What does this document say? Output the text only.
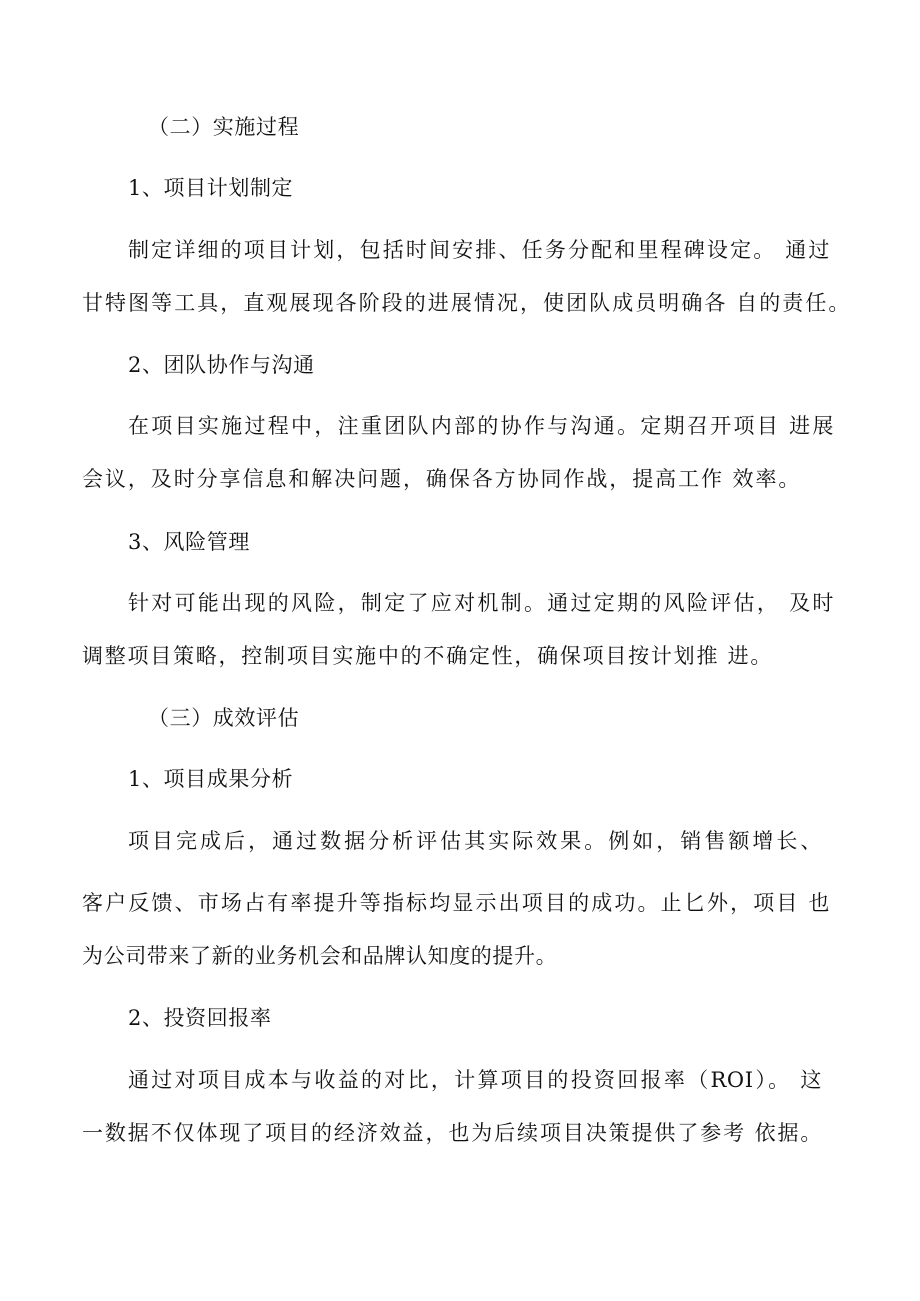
（二）实施过程
1、项目计划制定
制定详细的项目计划，包括时间安排、任务分配和里程碑设定。 通过
甘特图等工具，直观展现各阶段的进展情况，使团队成员明确各 自的责任。
2、团队协作与沟通
在项目实施过程中，注重团队内部的协作与沟通。定期召开项目 进展
会议，及时分享信息和解决问题，确保各方协同作战，提高工作 效率。
3、风险管理
针对可能出现的风险，制定了应对机制。通过定期的风险评估， 及时
调整项目策略，控制项目实施中的不确定性，确保项目按计划推 进。
（三）成效评估
1、项目成果分析
项目完成后，通过数据分析评估其实际效果。例如，销售额增长、
客户反馈、市场占有率提升等指标均显示出项目的成功。止匕外，项目 也
为公司带来了新的业务机会和品牌认知度的提升。
2、投资回报率
通过对项目成本与收益的对比，计算项目的投资回报率（ROI）。 这
一数据不仅体现了项目的经济效益，也为后续项目决策提供了参考 依据。
